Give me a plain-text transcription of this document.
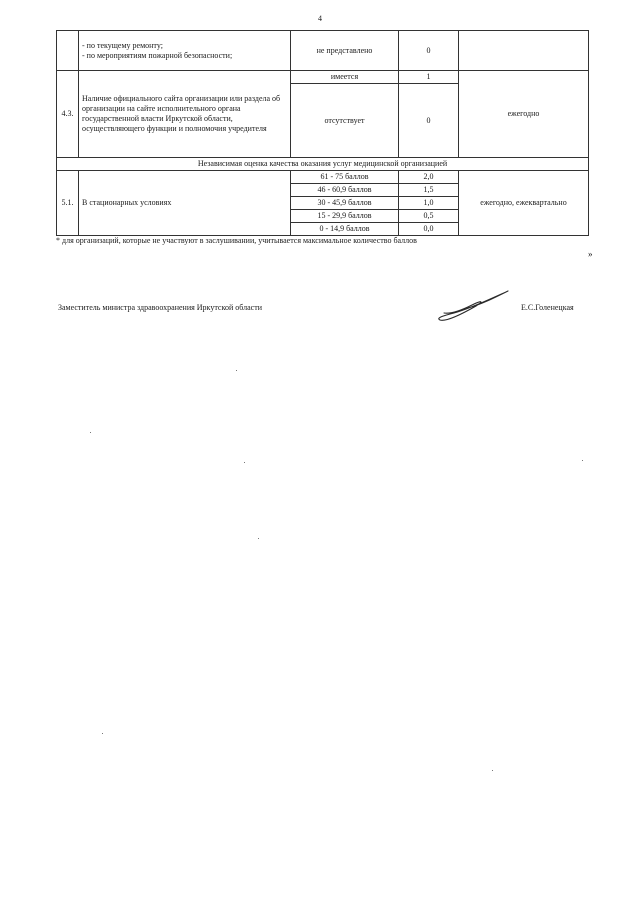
4

	- по текущему ремонту;
- по мероприятиям пожарной безопасности;	не представлено	0	
4.3.	Наличие официального сайта организации или раздела об организации на сайте исполнительного органа государственной власти Иркутской области, осуществляющего функции и полномочия учредителя	имеется	1	ежегодно
		отсутствует	0	
Независимая оценка качества оказания услуг медицинской организацией				
5.1.	В стационарных условиях	61 - 75 баллов	2,0	ежегодно, ежеквартально
		46 - 60,9 баллов	1,5	
		30 - 45,9 баллов	1,0	
		15 - 29,9 баллов	0,5	
		0 - 14,9 баллов	0,0	
* для организаций, которые не участвуют в заслушивании, учитывается максимальное количество баллов
»
Заместитель министра здравоохранения Иркутской области	Е.С.Голенецкая
